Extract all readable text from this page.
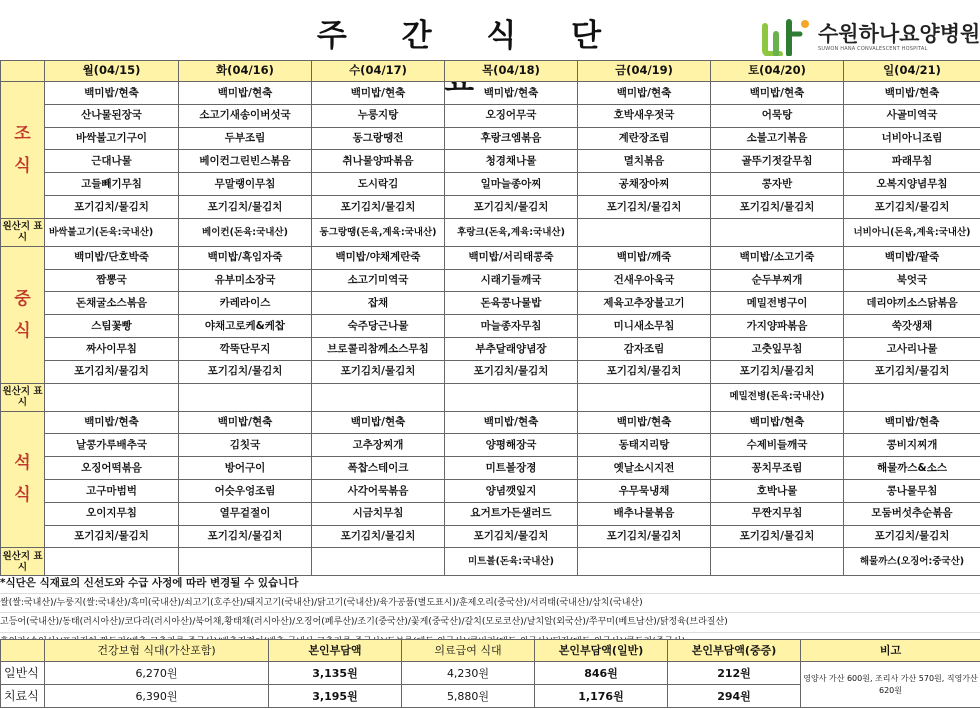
주 간 식 단	수원하나요양병원
SUWON HANA CONVALESCENT HOSPITAL
	월(04/15)	화(04/16)	수(04/17)	목(04/18)	금(04/19)	토(04/20)	일(04/21)

조
식	백미밥/현축	백미밥/현축	백미밥/현축	백미밥/현축	백미밥/현축	백미밥/현축	백미밥/현축
	산나물된장국	소고기새송이버섯국	누룽지탕	오징어무국	호박새우젓국	어묵탕	사골미역국
	바싹불고기구이	두부조림	동그랑땡전	후랑크엠볶음	계란장조림	소불고기볶음	너비아니조림
	근대나물	베이컨그린빈스볶음	취나물양파볶음	청경채나물	멸치볶음	골뚜기젓갈무침	파래무침
	고들빼기무침	무말랭이무침	도시락김	일마늘종아찌	공채장아찌	콩자반	오복지양념무침
	포기김치/물김치	포기김치/물김치	포기김치/물김치	포기김치/물김치	포기김치/물김치	포기김치/물김치	포기김치/물김치
원산지 표시	바싹불고기(돈육:국내산)	베이컨(돈육:국내산)	동그랑땡(돈육,계육:국내산)	후랑크(돈육,계육:국내산)			너비아니(돈육,계육:국내산)

중
식	백미밥/단호박죽	백미밥/흑임자죽	백미밥/야채계란죽	백미밥/서리태콩죽	백미밥/깨죽	백미밥/소고기죽	백미밥/팥죽
	짬뽕국	유부미소장국	소고기미역국	시래기들깨국	건새우아욱국	순두부찌개	북엇국
	돈채굴소스볶음	카레라이스	잡채	돈육콩나물밥	제육고추장불고기	메밀전병구이	데리야끼소스닭볶음
	스팀꽃빵	야채고로케&케찹	숙주당근나물	마늘종자무침	미니새소무침	가지양파볶음	쑥갓생채
	짜사이무침	깍뚝단무지	브로콜리참께소스무침	부추달래양념장	감자조림	고춧잎무침	고사리나물
	포기김치/물김치	포기김치/물김치	포기김치/물김치	포기김치/물김치	포기김치/물김치	포기김치/물김치	포기김치/물김치
원산지 표시						메밀전병(돈육:국내산)	

석
식	백미밥/현축	백미밥/현축	백미밥/현축	백미밥/현축	백미밥/현축	백미밥/현축	백미밥/현축
	날콩가루배추국	김칫국	고추장찌개	양평해장국	동태지리탕	수제비들깨국	콩비지찌개
	오징어떡볶음	방어구이	폭찹스테이크	미트볼장졍	옛날소시지전	꽁치무조림	해물까스&소스
	고구마범벅	어슷우엉조림	사각어묵볶음	양념깻잎지	우무묵냉채	호박나물	콩나물무침
	오이지무침	열무겉절이	시금치무침	요거트가든샐러드	배추나물볶음	무짠지무침	모둠버섯추순볶음
	포기김치/물김치	포기김치/물김치	포기김치/물김치	포기김치/물김치	포기김치/물김치	포기김치/물김치	포기김치/물김치
원산지 표시				미트볼(돈육:국내산)			해물까스(오징어:중국산)
*식단은 식재료의 신선도와 수급 사정에 따라 변경될 수 있습니다
쌀(쌀:국내산)/누룽지(쌀:국내산)/흑미(국내산)/쇠고기(호주산)/돼지고기(국내산)/닭고기(국내산)/육가공품(별도표시)/훈제오리(중국산)/서리태(국내산)/삼치(국내산)
고등어(국내산)/동태(러시아산)/코다리(러시아산)/북어채,황태채(러시아산)/오징어(페루산)/조기(중국산)/꽃게(중국산)/갈치(모로코산)/날치알(외국산)/쭈꾸미(베트남산)/닭정육(브라질산)
	건강보험 식대(가산포함)	본인부담액	의료급여 식대	본인부담액(일반)	본인부담액(중증)	비고
일반식	6,270원	3,135원	4,230원	846원	212원	영양사 가산 600원, 조리사 가산 570원, 직영가산 620원
치료식	6,390원	3,195원	5,880원	1,176원	294원	
